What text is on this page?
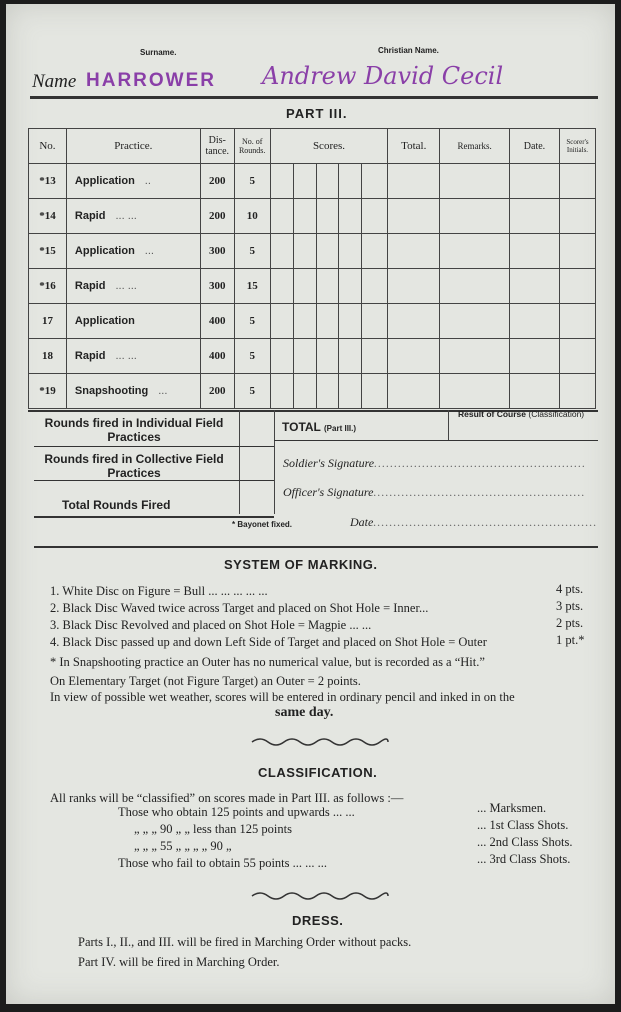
Surname.	Christian Name.
Name HARROWER Andrew David Cecil
PART III.
No.	Practice.	Dis-tance.	No. of Rounds.	Scores.					Total.	Remarks.	Date.	Scorer's Initials.
*13	Application ..	200	5									
*14	Rapid ... ...	200	10									
*15	Application ...	300	5									
*16	Rapid ... ...	300	15									
17	Application	400	5									
18	Rapid ... ...	400	5									
*19	Snapshooting ...	200	5									
Rounds fired in Individual Field Practices
Rounds fired in Collective Field Practices
Total Rounds Fired
TOTAL (Part III.)
Result of Course (Classification)
Soldier's Signature.....................................................
Officer's Signature.....................................................
Date........................................................
* Bayonet fixed.
SYSTEM OF MARKING.
1. White Disc on Figure = Bull ... ... ... ... ...	4 pts.
2. Black Disc Waved twice across Target and placed on Shot Hole = Inner...	3 pts.
3. Black Disc Revolved and placed on Shot Hole = Magpie ... ...	2 pts.
4. Black Disc passed up and down Left Side of Target and placed on Shot Hole = Outer	1 pt.*
* In Snapshooting practice an Outer has no numerical value, but is recorded as a “Hit.”
On Elementary Target (not Figure Target) an Outer = 2 points.
In view of possible wet weather, scores will be entered in ordinary pencil and inked in on the
same day.
CLASSIFICATION.
All ranks will be “classified” on scores made in Part III. as follows :—
Those who obtain 125 points and upwards ... ...	... Marksmen.
„ „ „ 90 „ „ less than 125 points	... 1st Class Shots.
„ „ „ 55 „ „ „ „ 90 „	... 2nd Class Shots.
Those who fail to obtain 55 points ... ... ...	... 3rd Class Shots.
DRESS.
Parts I., II., and III. will be fired in Marching Order without packs.
Part IV. will be fired in Marching Order.
